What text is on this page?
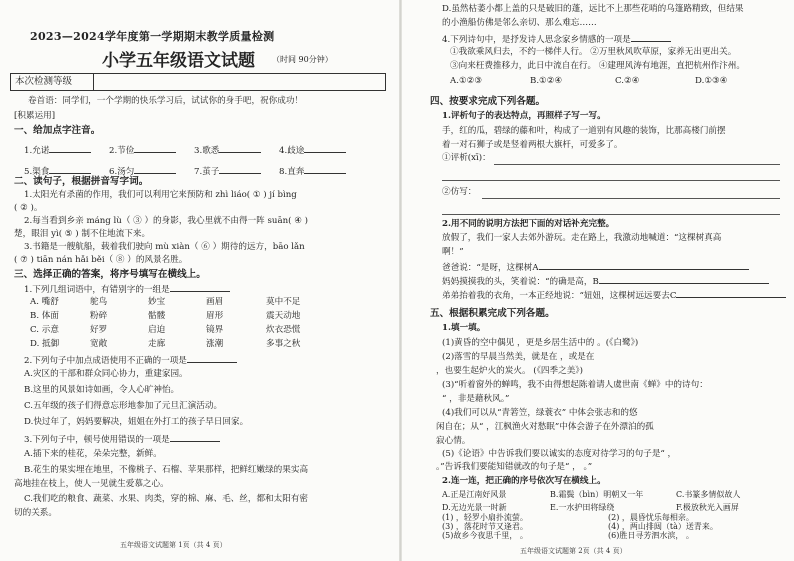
2023—2024学年度第一学期期末教学质量检测
小学五年级语文试题 （时间 90分钟）
本次检测等级
卷首语：同学们，一个学期的快乐学习后，试试你的身手吧，祝你成功！
[积累运用]
一、给加点字注音。
1.允诺	2.节俭	3.歌悉	4.歧途
5.渠食	6.汤匀	7.茧子	8.直奔
二、读句子，根据拼音写字词。
1.太阳光有杀菌的作用，我们可以利用它来预防和 zhì liáo( ① ) jí bìng
( ② )。
2.每当看到乡亲 máng lù（ ③ ）的身影，我心里就不由得一阵 suān( ④ )
楚，眼泪 yì( ⑤ ) 制不住地流下来。
3.书籍是一艘航船，载着我们驶向 mù xiàn（ ⑥ ）期待的远方，bāo lǎn
( ⑦ ) tiān nán hǎi běi（ ⑧ ）的风景名胜。
三、选择正确的答案，将序号填写在横线上。
1.下列几组词语中，有错别字的一组是
A. 嘴舒	鸵鸟	妙宝	画眉	莫中不足
B. 体面	粉碎	骷髅	眉形	震天动地
C. 示意	好罗	启迫	镜界	炊衣恐慌
D. 抵御	宽敞	走廊	涨潮	多事之秋
2.下列句子中加点成语使用不正确的一项是
A.灾区的干部和群众同心协力，重建家园。
B.这里的风景如诗如画，令人心旷神怡。
C.五年级的孩子们得意忘形地参加了元旦汇演活动。
D.快过年了，妈妈要解决，姐姐在外打工的孩子早日回家。
3.下列句子中，顿号使用错误的一项是
A.插下来的桂花，朵朵完整，新鲜。
B.花生的果实埋在地里，不像桃子、石榴、苹果那样，把鲜红嫩绿的果实高
高地挂在枝上，使人一见就生爱慕之心。
C.我们吃的粮食、蔬菜、水果、肉类，穿的棉、麻、毛、丝，都和太阳有密
切的关系。
五年级语文试题第 1页（共 4 页）
D.虽然枯萎小都上盖的只是破旧的蓬，远比不上那些花哨的乌篷路精致，但结果
的小渔船仿佛是邻么亲切、那么难忘……
4.下列诗句中，是抒发诗人思念家乡情感的一项是
①我欲乘风归去，不约一梯伴人行。 ②万里秋风吹草原，家养无出更出关。
③向来枉费推移力，此日中流自在行。 ④建理风涛有地涯，直把杭州作汴州。
A.①②③	B.①②④	C.②④	D.①③④
四、按要求完成下列各题。
1.评析句子的表达特点，再照样子写一写。
手，红的瓜，碧绿的藤和叶，构成了一道别有风趣的装饰，比那高楼门前摆
着一对石狮子或是竖着两根大旗杆，可爱多了。
①评析(xī)：
②仿写：
2.用不同的说明方法把下面的对话补充完整。
放假了，我们一家人去郊外游玩。走在路上，我激动地喊道：“这棵树真高
啊！”
爸爸说：“是呀，这棵树A
妈妈摸摸我的头，笑着说：“的确是高，B
弟弟抬着我的衣角，一本正经地说：“妞妞，这棵树远远要去C
五、根据积累完成下列各题。
1.填一填。
(1)黄昏的空中偶见 ，更是乡居生活中的 。(《白鹭》)
(2)落雪的早晨当然美，就是在 ，或是在
，也要生起炉火的炭火。 (《四季之美》)
(3)“听着窗外的蝉鸣，我不由得想起陈着请人虞世南《蝉》中的诗句：
“ ，非是藉秋风。”
(4)我们可以从“青箬笠，绿蓑衣” 中体会张志和的悠
闲自在；从“ ，江枫渔火对愁眠”中体会游子在外漂泊的孤
寂心情。
(5)《论语》中告诉我们要以诚实的态度对待学习的句子是“ ，
。”告诉我们要能知错就改的句子是“ ， 。”
2.连一连，把正确的序号依次写在横线上。
A.正是江南好风景	B.霜鬓（bìn）明朝又一年	C.书篆多情似故人
D.无边光景一时新	E.一水护田将绿绕	F.极放秋光入画屏
(1) ，轻罗小扇扑流萤。	(2) ，晨昏忧乐每相亲。
(3) ，落花时节又逢君。	(4) ，两山排闼（tà）送青来。
(5)故乡今夜思千里， 。	(6)胜日寻芳泗水滨， 。
五年级语文试题第 2页（共 4 页）
